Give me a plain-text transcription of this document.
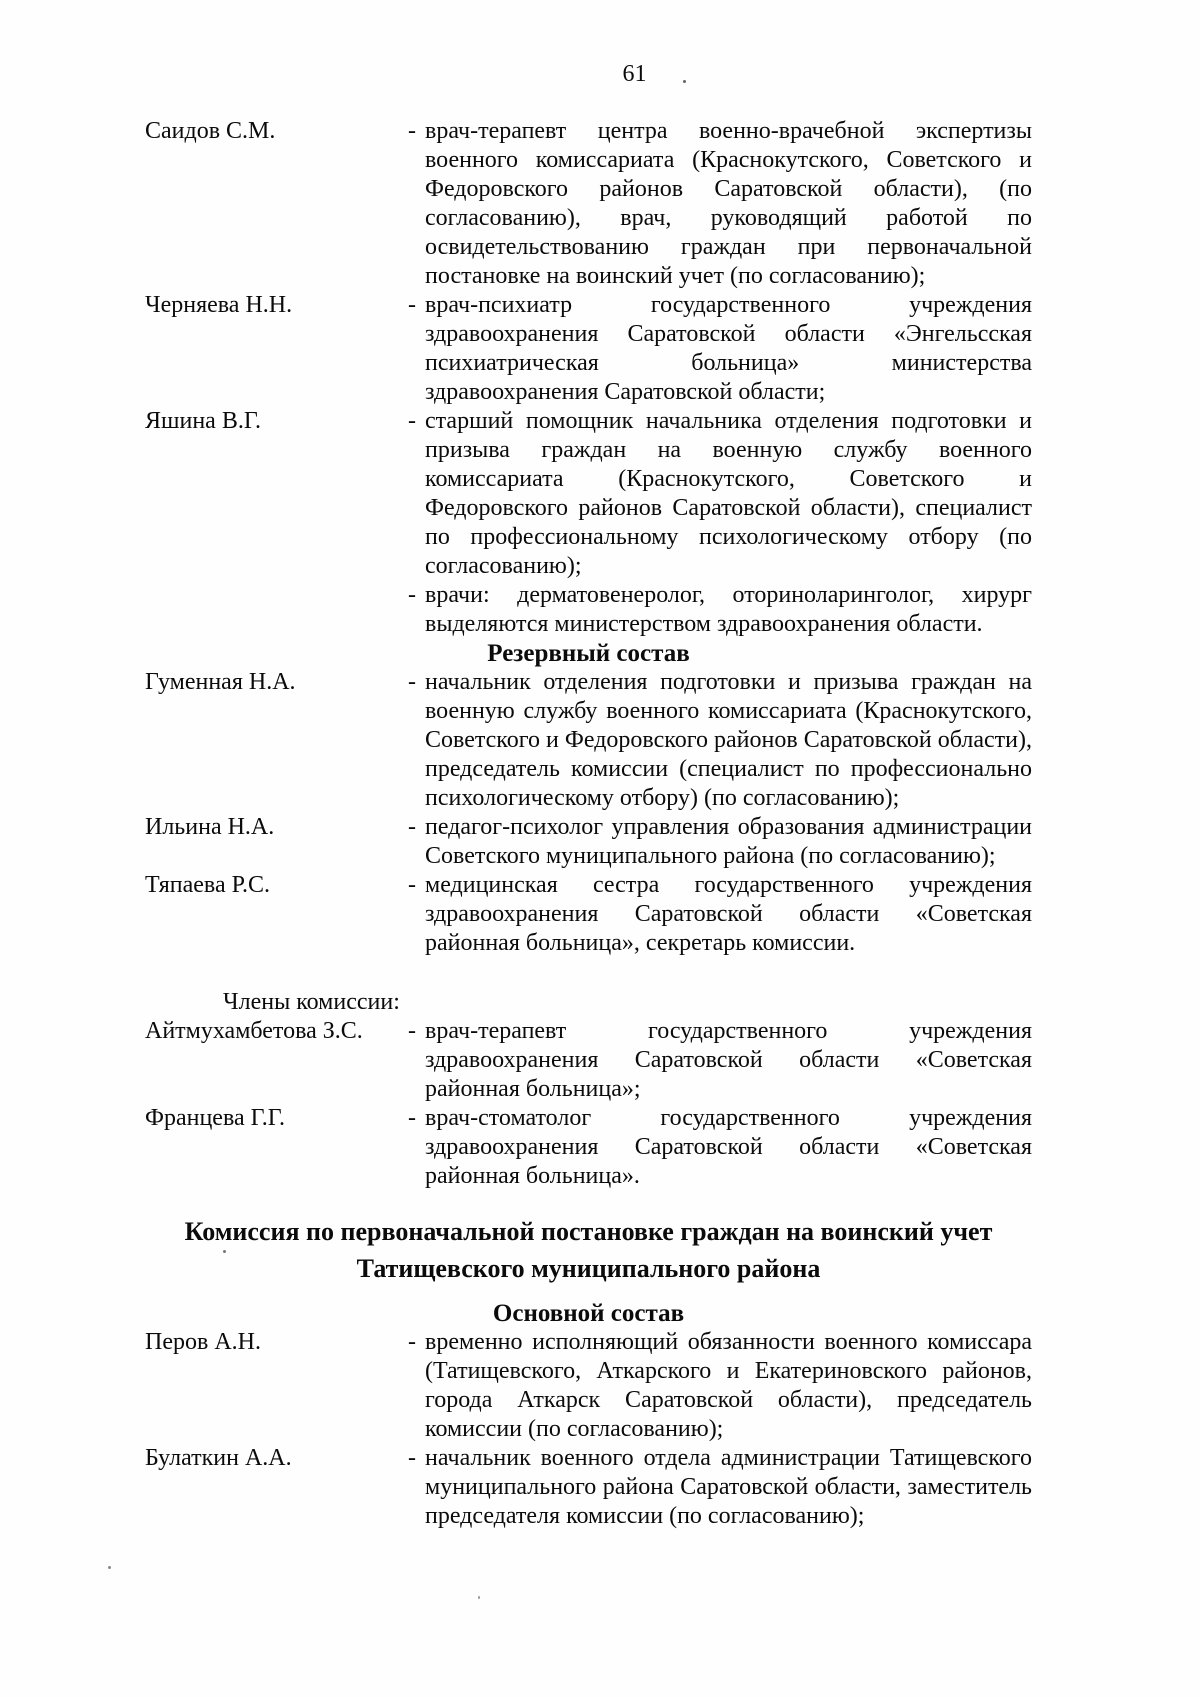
61
Саидов С.М.	- врач-терапевт центра военно-врачебной экспертизы военного комиссариата (Краснокутского, Советского и Федоровского районов Саратовской области), (по согласованию), врач, руководящий работой по освидетельствованию граждан при первоначальной постановке на воинский учет (по согласованию);
Черняева Н.Н.	- врач-психиатр государственного учреждения здравоохранения Саратовской области «Энгельсская психиатрическая больница» министерства здравоохранения Саратовской области;
Яшина В.Г.	- старший помощник начальника отделения подготовки и призыва граждан на военную службу военного комиссариата (Краснокутского, Советского и Федоровского районов Саратовской области), специалист по профессиональному психологическому отбору (по согласованию);
- врачи: дерматовенеролог, оториноларинголог, хирург выделяются министерством здравоохранения области.
Резервный состав
Гуменная Н.А.	- начальник отделения подготовки и призыва граждан на военную службу военного комиссариата (Краснокутского, Советского и Федоровского районов Саратовской области), председатель комиссии (специалист по профессионально психологическому отбору) (по согласованию);
Ильина Н.А.	- педагог-психолог управления образования администрации Советского муниципального района (по согласованию);
Тяпаева Р.С.	- медицинская сестра государственного учреждения здравоохранения Саратовской области «Советская районная больница», секретарь комиссии.
Члены комиссии:
Айтмухамбетова З.С.	- врач-терапевт государственного учреждения здравоохранения Саратовской области «Советская районная больница»;
Францева Г.Г.	- врач-стоматолог государственного учреждения здравоохранения Саратовской области «Советская районная больница».
Комиссия по первоначальной постановке граждан на воинский учет
Татищевского муниципального района
Основной состав
Перов А.Н.	- временно исполняющий обязанности военного комиссара (Татищевского, Аткарского и Екатериновского районов, города Аткарск Саратовской области), председатель комиссии (по согласованию);
Булаткин А.А.	- начальник военного отдела администрации Татищевского муниципального района Саратовской области, заместитель председателя комиссии (по согласованию);
